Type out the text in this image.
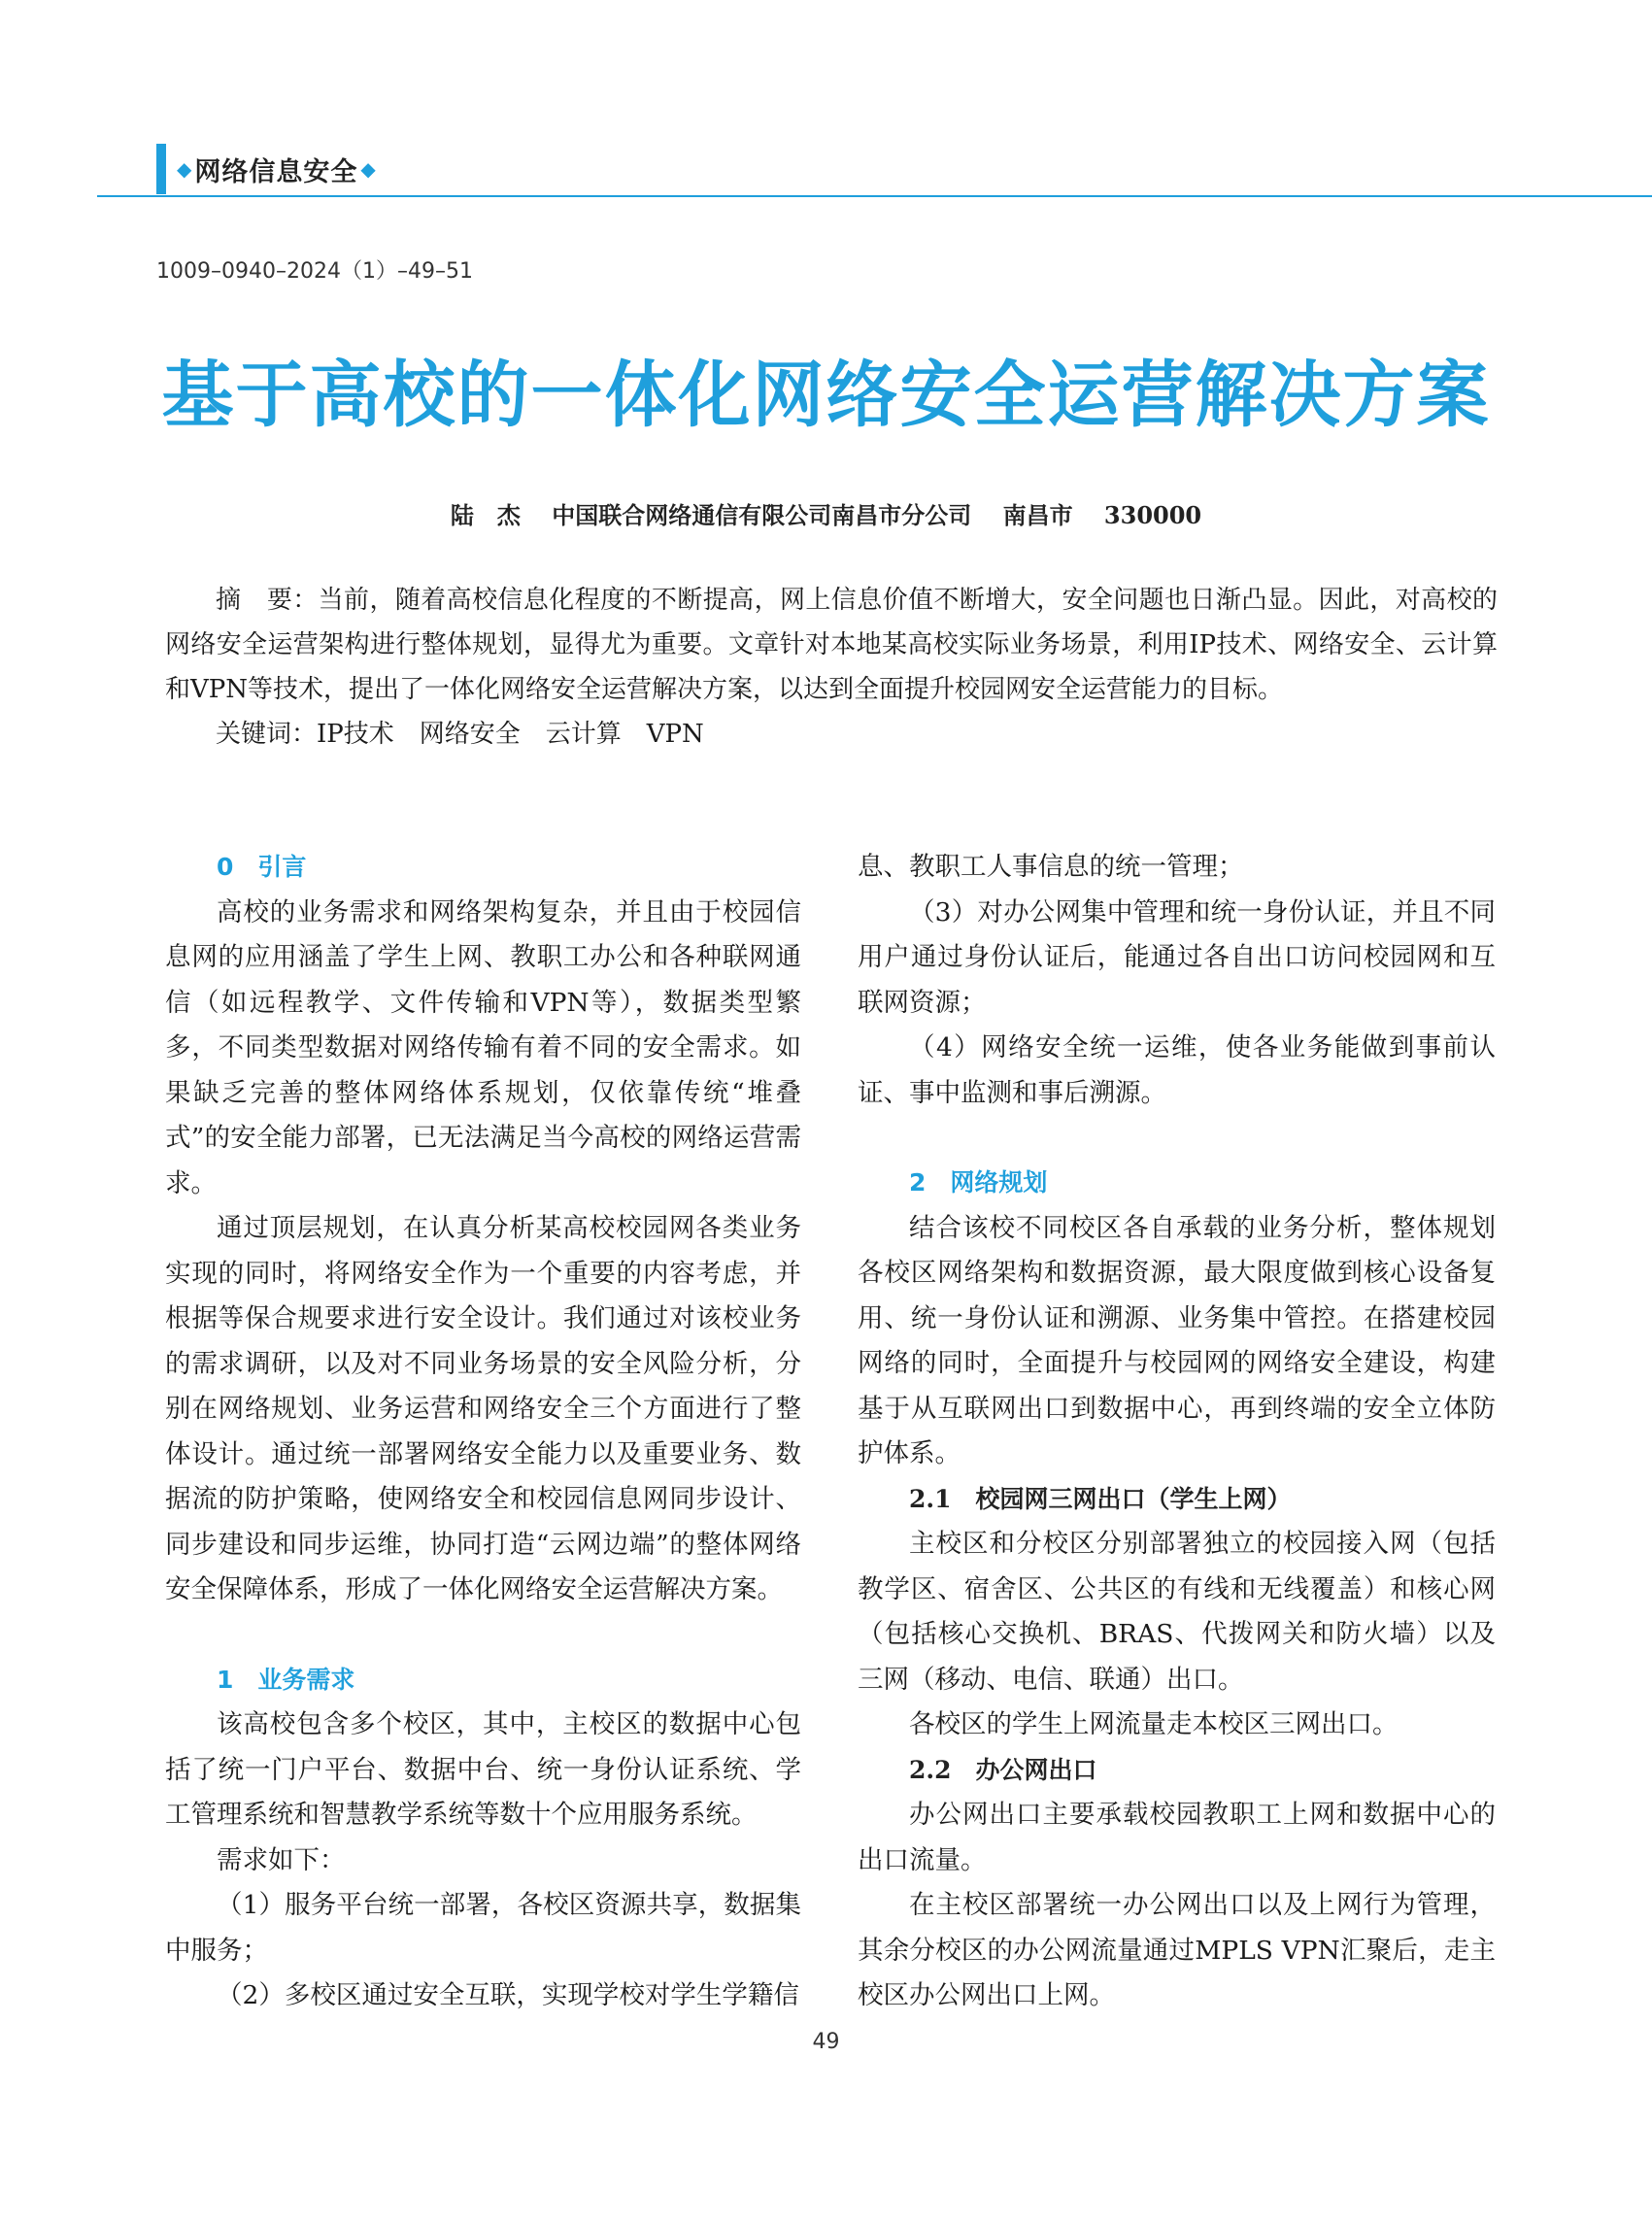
◆ 网络信息安全 ◆
1009–0940–2024（1）–49–51
基于高校的一体化网络安全运营解决方案
陆　杰　 中国联合网络通信有限公司南昌市分公司　 南昌市　 330000

摘　要：当前，随着高校信息化程度的不断提高，网上信息价值不断增大，安全问题也日渐凸显。因此，对高校的网络安全运营架构进行整体规划，显得尤为重要。文章针对本地某高校实际业务场景，利用IP技术、网络安全、云计算和VPN等技术，提出了一体化网络安全运营解决方案，以达到全面提升校园网安全运营能力的目标。

关键词：IP技术　网络安全　云计算　VPN

0　引言

高校的业务需求和网络架构复杂，并且由于校园信息网的应用涵盖了学生上网、教职工办公和各种联网通信（如远程教学、文件传输和VPN等），数据类型繁多，不同类型数据对网络传输有着不同的安全需求。如果缺乏完善的整体网络体系规划，仅依靠传统“堆叠式”的安全能力部署，已无法满足当今高校的网络运营需求。

通过顶层规划，在认真分析某高校校园网各类业务实现的同时，将网络安全作为一个重要的内容考虑，并根据等保合规要求进行安全设计。我们通过对该校业务的需求调研，以及对不同业务场景的安全风险分析，分别在网络规划、业务运营和网络安全三个方面进行了整体设计。通过统一部署网络安全能力以及重要业务、数据流的防护策略，使网络安全和校园信息网同步设计、同步建设和同步运维，协同打造“云网边端”的整体网络安全保障体系，形成了一体化网络安全运营解决方案。

1　业务需求

该高校包含多个校区，其中，主校区的数据中心包括了统一门户平台、数据中台、统一身份认证系统、学工管理系统和智慧教学系统等数十个应用服务系统。

需求如下：

（1）服务平台统一部署，各校区资源共享，数据集中服务；

（2）多校区通过安全互联，实现学校对学生学籍信

息、教职工人事信息的统一管理；

（3）对办公网集中管理和统一身份认证，并且不同用户通过身份认证后，能通过各自出口访问校园网和互联网资源；

（4）网络安全统一运维，使各业务能做到事前认证、事中监测和事后溯源。

2　网络规划

结合该校不同校区各自承载的业务分析，整体规划各校区网络架构和数据资源，最大限度做到核心设备复用、统一身份认证和溯源、业务集中管控。在搭建校园网络的同时，全面提升与校园网的网络安全建设，构建基于从互联网出口到数据中心，再到终端的安全立体防护体系。

2.1　校园网三网出口（学生上网）

主校区和分校区分别部署独立的校园接入网（包括教学区、宿舍区、公共区的有线和无线覆盖）和核心网（包括核心交换机、BRAS、代拨网关和防火墙）以及三网（移动、电信、联通）出口。

各校区的学生上网流量走本校区三网出口。

2.2　办公网出口

办公网出口主要承载校园教职工上网和数据中心的出口流量。

在主校区部署统一办公网出口以及上网行为管理，其余分校区的办公网流量通过MPLS VPN汇聚后，走主校区办公网出口上网。

49
